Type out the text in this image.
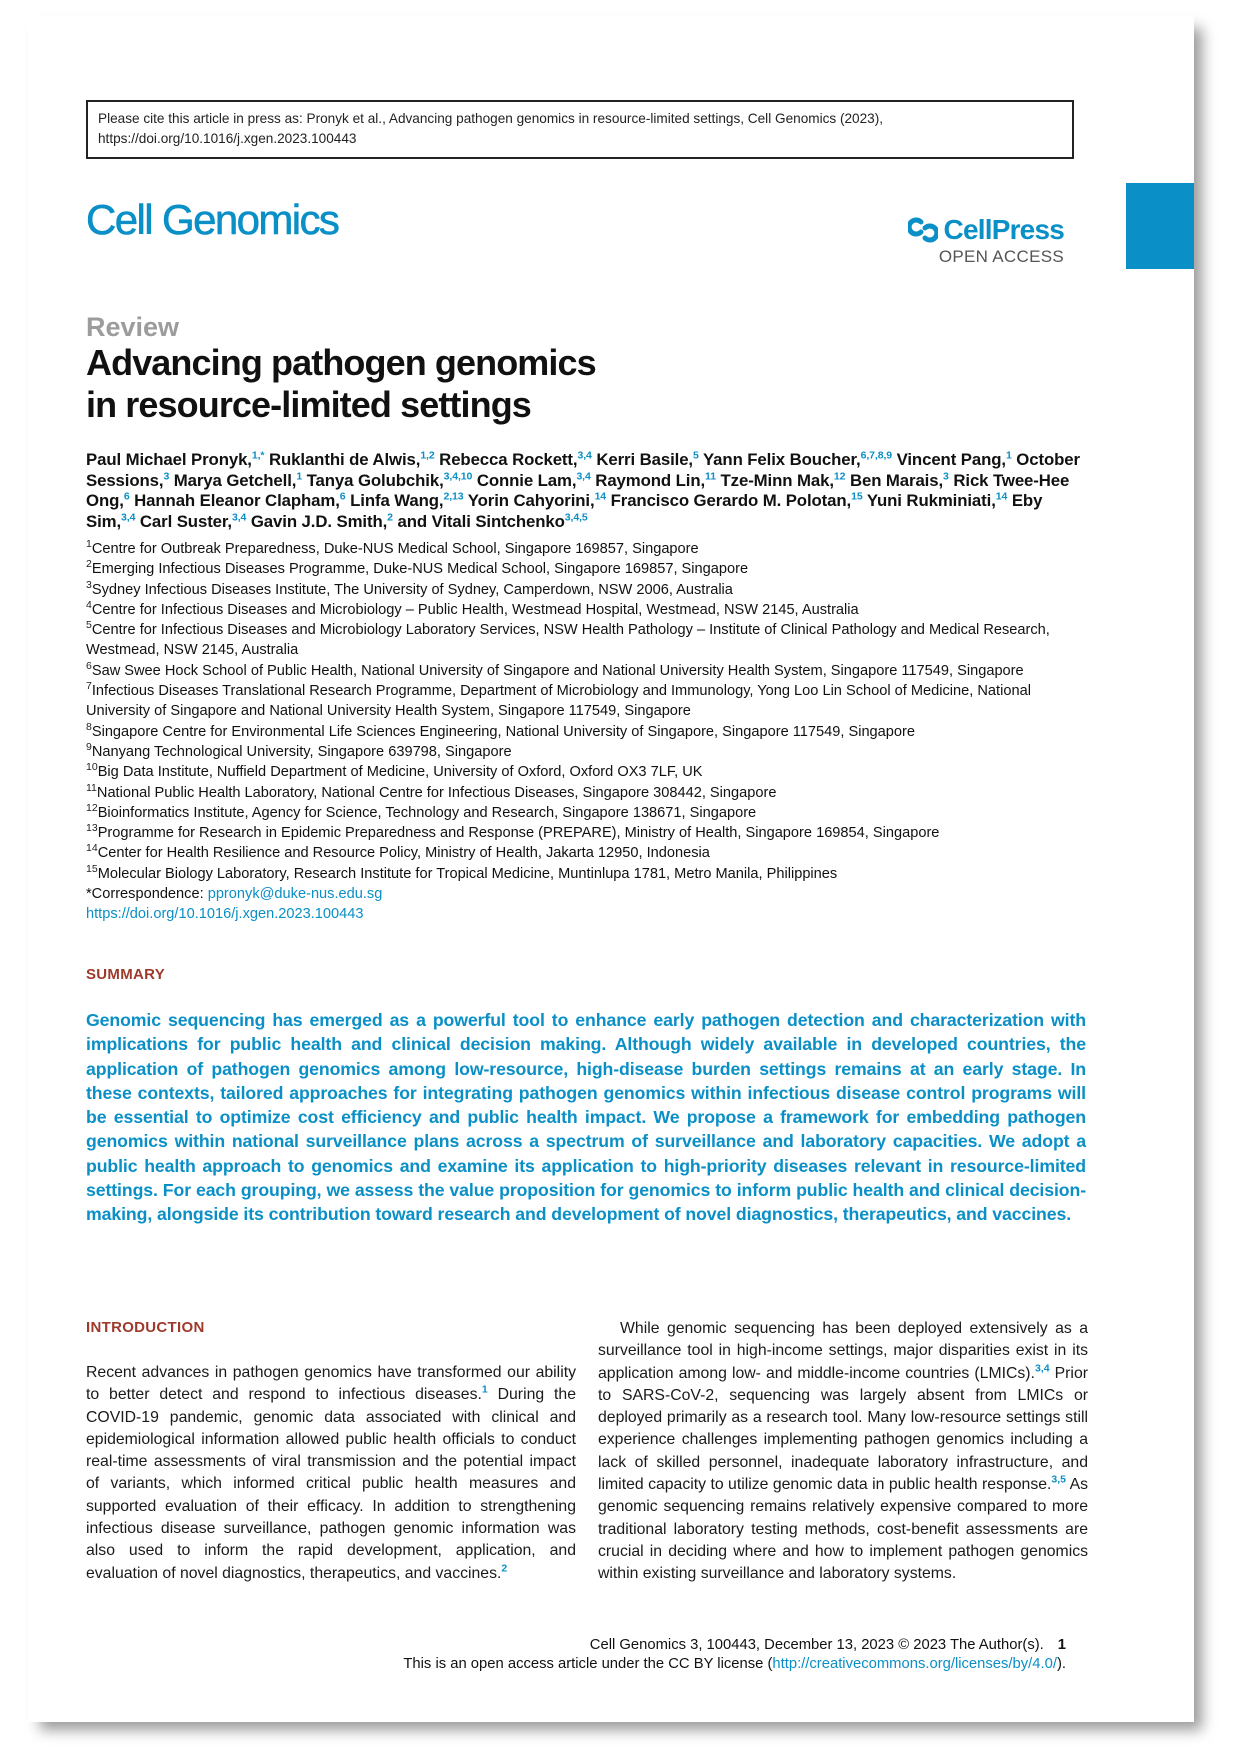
Please cite this article in press as: Pronyk et al., Advancing pathogen genomics in resource-limited settings, Cell Genomics (2023), https://doi.org/10.1016/j.xgen.2023.100443
Cell Genomics	CellPress
OPEN ACCESS
Review
Advancing pathogen genomics
in resource-limited settings
Paul Michael Pronyk,$^{1,*}$ Ruklanthi de Alwis,$^{1,2}$ Rebecca Rockett,$^{3,4}$ Kerri Basile,$^5$ Yann Felix Boucher,$^{6,7,8,9}$ Vincent Pang,$^1$ October Sessions,$^3$ Marya Getchell,$^1$ Tanya Golubchik,$^{3,4,10}$ Connie Lam,$^{3,4}$ Raymond Lin,$^{11}$ Tze-Minn Mak,$^{12}$ Ben Marais,$^3$ Rick Twee-Hee Ong,$^6$ Hannah Eleanor Clapham,$^6$ Linfa Wang,$^{2,13}$ Yorin Cahyorini,$^{14}$ Francisco Gerardo M. Polotan,$^{15}$ Yuni Rukminiati,$^{14}$ Eby Sim,$^{3,4}$ Carl Suster,$^{3,4}$ Gavin J.D. Smith,$^2$ and Vitali Sintchenko$^{3,4,5}$

$^1$Centre for Outbreak Preparedness, Duke-NUS Medical School, Singapore 169857, Singapore

$^2$Emerging Infectious Diseases Programme, Duke-NUS Medical School, Singapore 169857, Singapore

$^3$Sydney Infectious Diseases Institute, The University of Sydney, Camperdown, NSW 2006, Australia

$^4$Centre for Infectious Diseases and Microbiology – Public Health, Westmead Hospital, Westmead, NSW 2145, Australia

$^5$Centre for Infectious Diseases and Microbiology Laboratory Services, NSW Health Pathology – Institute of Clinical Pathology and Medical Research, Westmead, NSW 2145, Australia

$^6$Saw Swee Hock School of Public Health, National University of Singapore and National University Health System, Singapore 117549, Singapore

$^7$Infectious Diseases Translational Research Programme, Department of Microbiology and Immunology, Yong Loo Lin School of Medicine, National University of Singapore and National University Health System, Singapore 117549, Singapore

$^8$Singapore Centre for Environmental Life Sciences Engineering, National University of Singapore, Singapore 117549, Singapore

$^9$Nanyang Technological University, Singapore 639798, Singapore

$^{10}$Big Data Institute, Nuffield Department of Medicine, University of Oxford, Oxford OX3 7LF, UK

$^{11}$National Public Health Laboratory, National Centre for Infectious Diseases, Singapore 308442, Singapore

$^{12}$Bioinformatics Institute, Agency for Science, Technology and Research, Singapore 138671, Singapore

$^{13}$Programme for Research in Epidemic Preparedness and Response (PREPARE), Ministry of Health, Singapore 169854, Singapore

$^{14}$Center for Health Resilience and Resource Policy, Ministry of Health, Jakarta 12950, Indonesia

$^{15}$Molecular Biology Laboratory, Research Institute for Tropical Medicine, Muntinlupa 1781, Metro Manila, Philippines

*Correspondence: ppronyk@duke-nus.edu.sg

https://doi.org/10.1016/j.xgen.2023.100443

SUMMARY
Genomic sequencing has emerged as a powerful tool to enhance early pathogen detection and characterization with implications for public health and clinical decision making. Although widely available in developed countries, the application of pathogen genomics among low-resource, high-disease burden settings remains at an early stage. In these contexts, tailored approaches for integrating pathogen genomics within infectious disease control programs will be essential to optimize cost efficiency and public health impact. We propose a framework for embedding pathogen genomics within national surveillance plans across a spectrum of surveillance and laboratory capacities. We adopt a public health approach to genomics and examine its application to high-priority diseases relevant in resource-limited settings. For each grouping, we assess the value proposition for genomics to inform public health and clinical decision-making, alongside its contribution toward research and development of novel diagnostics, therapeutics, and vaccines.
INTRODUCTION
Recent advances in pathogen genomics have transformed our ability to better detect and respond to infectious diseases.$^1$ During the COVID-19 pandemic, genomic data associated with clinical and epidemiological information allowed public health officials to conduct real-time assessments of viral transmission and the potential impact of variants, which informed critical public health measures and supported evaluation of their efficacy. In addition to strengthening infectious disease surveillance, pathogen genomic information was also used to inform the rapid development, application, and evaluation of novel diagnostics, therapeutics, and vaccines.$^2$
While genomic sequencing has been deployed extensively as a surveillance tool in high-income settings, major disparities exist in its application among low- and middle-income countries (LMICs).$^{3,4}$ Prior to SARS-CoV-2, sequencing was largely absent from LMICs or deployed primarily as a research tool. Many low-resource settings still experience challenges implementing pathogen genomics including a lack of skilled personnel, inadequate laboratory infrastructure, and limited capacity to utilize genomic data in public health response.$^{3,5}$ As genomic sequencing remains relatively expensive compared to more traditional laboratory testing methods, cost-benefit assessments are crucial in deciding where and how to implement pathogen genomics within existing surveillance and laboratory systems.
Cell Genomics 3, 100443, December 13, 2023 © 2023 The Author(s). 1
This is an open access article under the CC BY license (http://creativecommons.org/licenses/by/4.0/).
